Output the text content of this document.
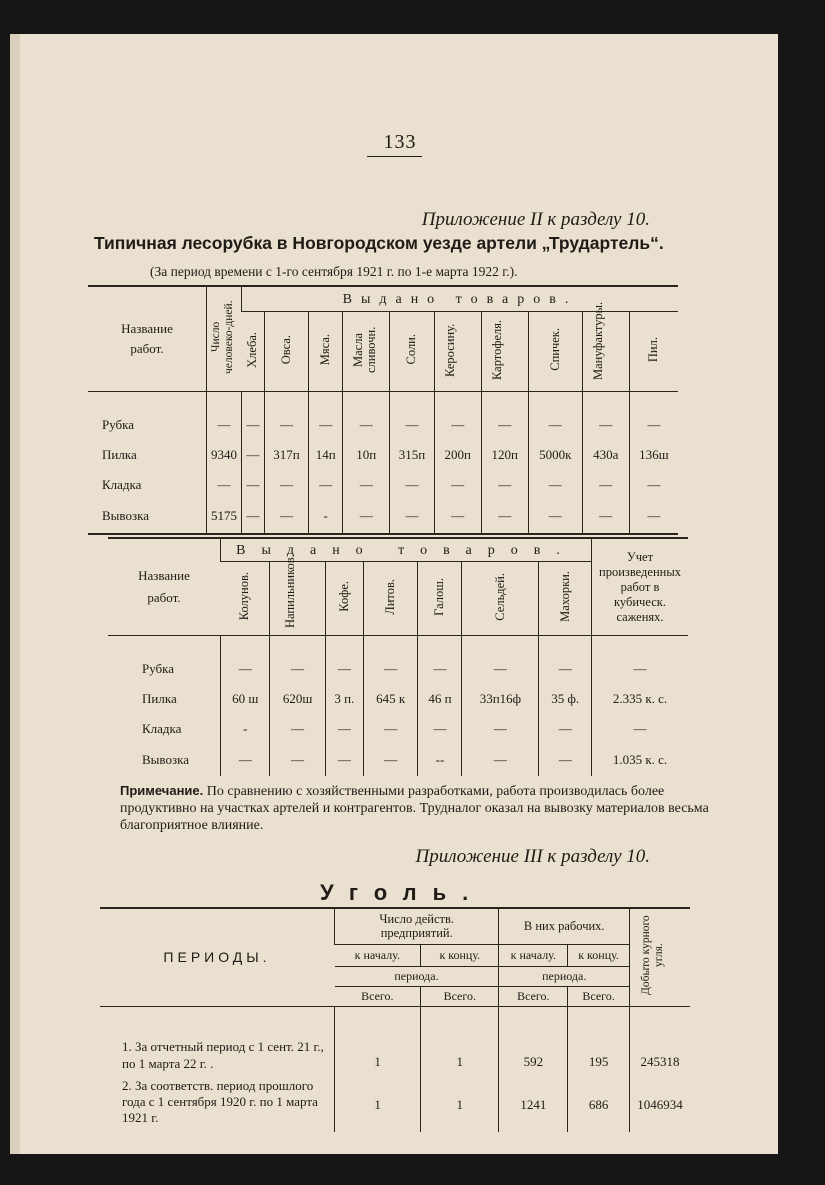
133
Приложение II к разделу 10.
Типичная лесорубка в Новгородском уезде артели „Трудартель“.
(За период времени с 1-го сентября 1921 г. по 1-е марта 1922 г.).
Название работ.	Число человеко-дней.	Выдано товаров.									
		Хлеба.	Овса.	Мяса.	Масла сливочн.	Соли.	Керосину.	Картофеля.	Спичек.	Мануфактуры.	Пил.

Рубка	—	—	—	—	—	—	—	—	—	—	—
Пилка	9340	—	317п	14п	10п	315п	200п	120п	5000к	430а	136ш
Кладка	—	—	—	—	—	—	—	—	—	—	—
Вывозка	5175	—	—	-	—	—	—	—	—	—	—
Название работ.	Выдано товаров.							Учет произведенных работ в кубическ. саженях.
	Колунов.	Напильников.	Кофе.	Литов.	Галош.	Сельдей.	Махорки.	

Рубка	—	—	—	—	—	—	—	—
Пилка	60 ш	620ш	3 п.	645 к	46 п	33п16ф	35 ф.	2.335 к. с.
Кладка	-	—	—	—	—	—	—	—
Вывозка	—	—	—	—	--	—	—	1.035 к. с.
Примечание. По сравнению с хозяйственными разработками, работа производилась более продуктивно на участках артелей и контрагентов. Трудналог оказал на вывозку материалов весьма благоприятное влияние.
Приложение III к разделу 10.
Уголь.
ПЕРИОДЫ.	Число действ. предприятий.		В них рабочих.		Добыто курного угля.
	к началу.	к концу.	к началу.	к концу.	
	периода.		периода.		
	Всего.	Всего.	Всего.	Всего.	
1. За отчетный период с 1 сент. 21 г., по 1 марта 22 г. .	1	1	592	195	245318
2. За соответств. период прошлого года с 1 сентября 1920 г. по 1 марта 1921 г.	1	1	1241	686	1046934
